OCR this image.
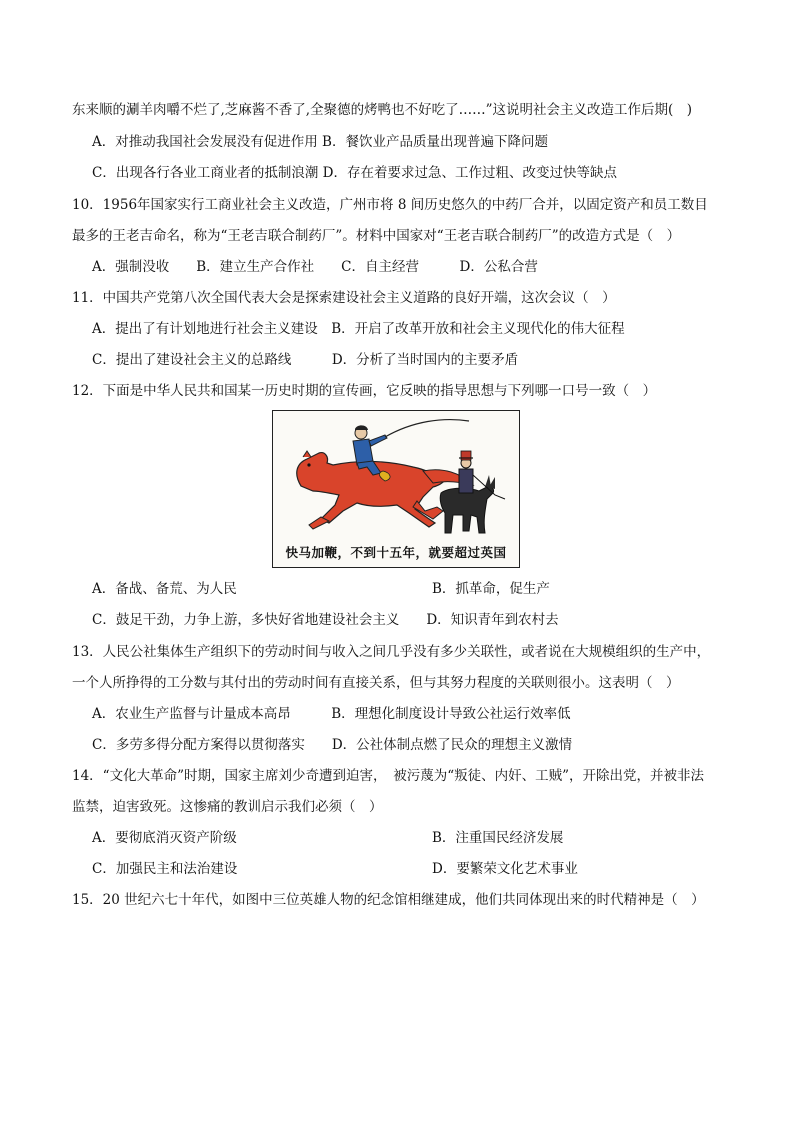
东来顺的涮羊肉嚼不烂了,芝麻酱不香了,全聚德的烤鸭也不好吃了……”这说明社会主义改造工作后期(　)
A．对推动我国社会发展没有促进作用 B．餐饮业产品质量出现普遍下降问题
C．出现各行各业工商业者的抵制浪潮 D．存在着要求过急、工作过粗、改变过快等缺点
10．1956年国家实行工商业社会主义改造，广州市将 8 间历史悠久的中药厂合并，以固定资产和员工数目
最多的王老吉命名，称为“王老吉联合制药厂”。材料中国家对“王老吉联合制药厂”的改造方式是（　）
A．强制没收　　B．建立生产合作社　　C．自主经营　　　D．公私合营
11．中国共产党第八次全国代表大会是探索建设社会主义道路的良好开端，这次会议（　）
A．提出了有计划地进行社会主义建设　B．开启了改革开放和社会主义现代化的伟大征程
C．提出了建设社会主义的总路线　　　D．分析了当时国内的主要矛盾
12．下面是中华人民共和国某一历史时期的宣传画，它反映的指导思想与下列哪一口号一致（　）
快马加鞭，不到十五年，就要超过英国
A．备战、备荒、为人民	B．抓革命，促生产
C．鼓足干劲，力争上游，多快好省地建设社会主义　　D．知识青年到农村去
13．人民公社集体生产组织下的劳动时间与收入之间几乎没有多少关联性，或者说在大规模组织的生产中，
一个人所挣得的工分数与其付出的劳动时间有直接关系，但与其努力程度的关联则很小。这表明（　）
A．农业生产监督与计量成本高昂　　　B．理想化制度设计导致公社运行效率低
C．多劳多得分配方案得以贯彻落实　　D．公社体制点燃了民众的理想主义激情
14．“文化大革命”时期，国家主席刘少奇遭到迫害，　被污蔑为“叛徒、内奸、工贼”，开除出党，并被非法
监禁，迫害致死。这惨痛的教训启示我们必须（　）
A．要彻底消灭资产阶级	B．注重国民经济发展
C．加强民主和法治建设	D．要繁荣文化艺术事业
15．20 世纪六七十年代，如图中三位英雄人物的纪念馆相继建成，他们共同体现出来的时代精神是（　）
